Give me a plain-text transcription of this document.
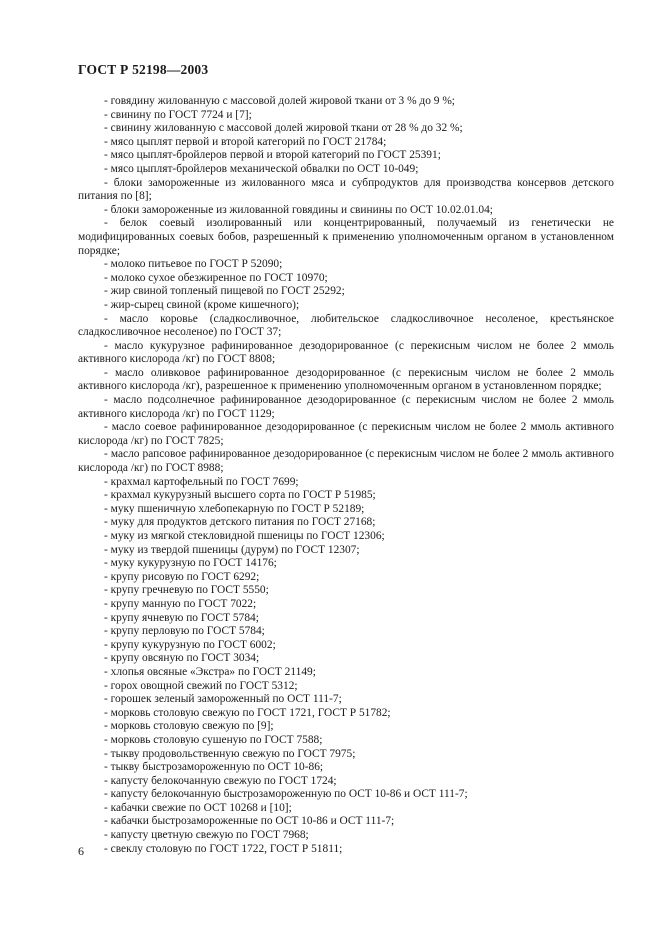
ГОСТ Р 52198—2003

- говядину жилованную с массовой долей жировой ткани от 3 % до 9 %;

- свинину по ГОСТ 7724 и [7];

- свинину жилованную с массовой долей жировой ткани от 28 % до 32 %;

- мясо цыплят первой и второй категорий по ГОСТ 21784;

- мясо цыплят-бройлеров первой и второй категорий по ГОСТ 25391;

- мясо цыплят-бройлеров механической обвалки по ОСТ 10-049;

- блоки замороженные из жилованного мяса и субпродуктов для производства консервов детского питания по [8];

- блоки замороженные из жилованной говядины и свинины по ОСТ 10.02.01.04;

- белок соевый изолированный или концентрированный, получаемый из генетически не модифицированных соевых бобов, разрешенный к применению уполномоченным органом в установленном порядке;

- молоко питьевое по ГОСТ Р 52090;

- молоко сухое обезжиренное по ГОСТ 10970;

- жир свиной топленый пищевой по ГОСТ 25292;

- жир-сырец свиной (кроме кишечного);

- масло коровье (сладкосливочное, любительское сладкосливочное несоленое, крестьянское сладкосливочное несоленое) по ГОСТ 37;

- масло кукурузное рафинированное дезодорированное (с перекисным числом не более 2 ммоль активного кислорода /кг) по ГОСТ 8808;

- масло оливковое рафинированное дезодорированное (с перекисным числом не более 2 ммоль активного кислорода /кг), разрешенное к применению уполномоченным органом в установленном порядке;

- масло подсолнечное рафинированное дезодорированное (с перекисным числом не более 2 ммоль активного кислорода /кг) по ГОСТ 1129;

- масло соевое рафинированное дезодорированное (с перекисным числом не более 2 ммоль активного кислорода /кг) по ГОСТ 7825;

- масло рапсовое рафинированное дезодорированное (с перекисным числом не более 2 ммоль активного кислорода /кг) по ГОСТ 8988;

- крахмал картофельный по ГОСТ 7699;

- крахмал кукурузный высшего сорта по ГОСТ Р 51985;

- муку пшеничную хлебопекарную по ГОСТ Р 52189;

- муку для продуктов детского питания по ГОСТ 27168;

- муку из мягкой стекловидной пшеницы по ГОСТ 12306;

- муку из твердой пшеницы (дурум) по ГОСТ 12307;

- муку кукурузную по ГОСТ 14176;

- крупу рисовую по ГОСТ 6292;

- крупу гречневую по ГОСТ 5550;

- крупу манную по ГОСТ 7022;

- крупу ячневую по ГОСТ 5784;

- крупу перловую по ГОСТ 5784;

- крупу кукурузную по ГОСТ 6002;

- крупу овсяную по ГОСТ 3034;

- хлопья овсяные «Экстра» по ГОСТ 21149;

- горох овощной свежий по ГОСТ 5312;

- горошек зеленый замороженный по ОСТ 111-7;

- морковь столовую свежую по ГОСТ 1721, ГОСТ Р 51782;

- морковь столовую свежую по [9];

- морковь столовую сушеную по ГОСТ 7588;

- тыкву продовольственную свежую по ГОСТ 7975;

- тыкву быстрозамороженную по ОСТ 10-86;

- капусту белокочанную свежую по ГОСТ 1724;

- капусту белокочанную быстрозамороженную по ОСТ 10-86 и ОСТ 111-7;

- кабачки свежие по ОСТ 10268 и [10];

- кабачки быстрозамороженные по ОСТ 10-86 и ОСТ 111-7;

- капусту цветную свежую по ГОСТ 7968;

- свеклу столовую по ГОСТ 1722, ГОСТ Р 51811;

6
